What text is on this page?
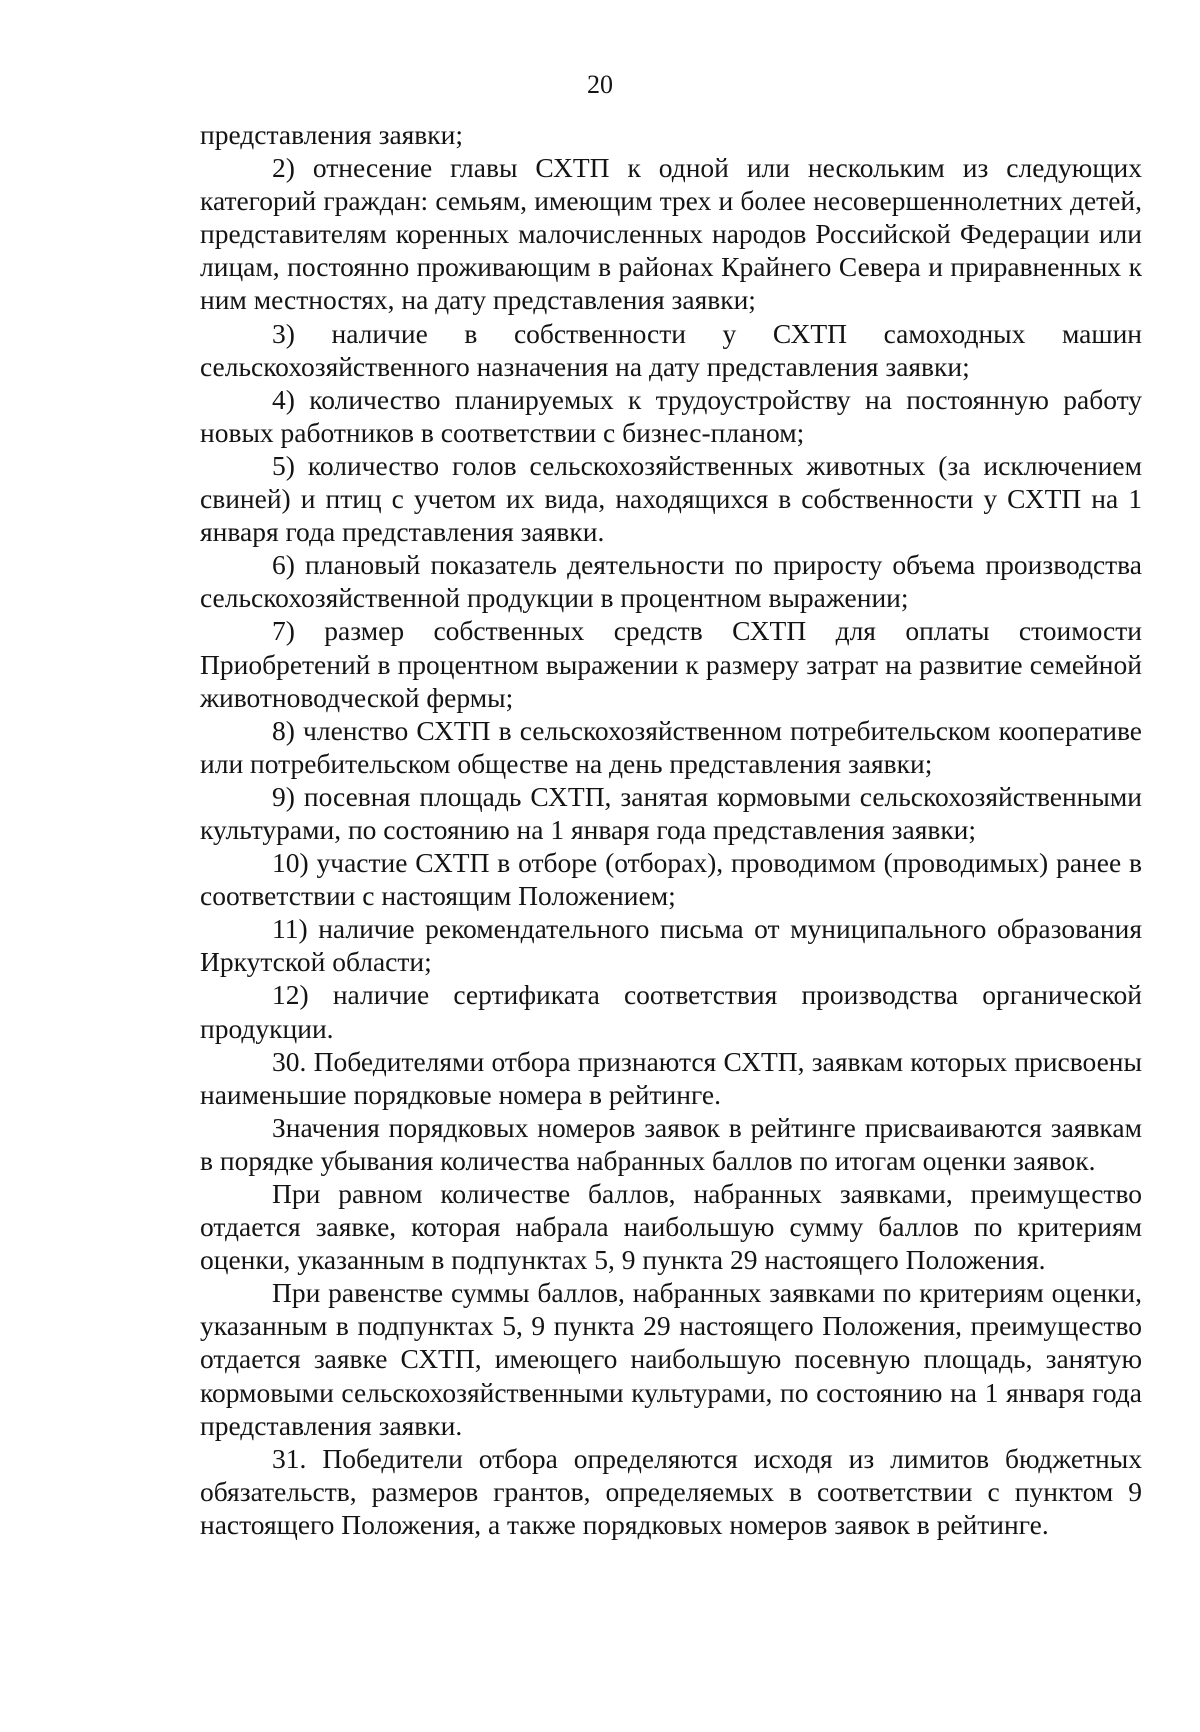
20

представления заявки;

2) отнесение главы СХТП к одной или нескольким из следующих категорий граждан: семьям, имеющим трех и более несовершеннолетних детей, представителям коренных малочисленных народов Российской Федерации или лицам, постоянно проживающим в районах Крайнего Севера и приравненных к ним местностях, на дату представления заявки;

3) наличие в собственности у СХТП самоходных машин сельскохозяйственного назначения на дату представления заявки;

4) количество планируемых к трудоустройству на постоянную работу новых работников в соответствии с бизнес-планом;

5) количество голов сельскохозяйственных животных (за исключением свиней) и птиц с учетом их вида, находящихся в собственности у СХТП на 1 января года представления заявки.

6) плановый показатель деятельности по приросту объема производства сельскохозяйственной продукции в процентном выражении;

7) размер собственных средств СХТП для оплаты стоимости Приобретений в процентном выражении к размеру затрат на развитие семейной животноводческой фермы;

8) членство СХТП в сельскохозяйственном потребительском кооперативе или потребительском обществе на день представления заявки;

9) посевная площадь СХТП, занятая кормовыми сельскохозяйственными культурами, по состоянию на 1 января года представления заявки;

10) участие СХТП в отборе (отборах), проводимом (проводимых) ранее в соответствии с настоящим Положением;

11) наличие рекомендательного письма от муниципального образования Иркутской области;

12) наличие сертификата соответствия производства органической продукции.

30. Победителями отбора признаются СХТП, заявкам которых присвоены наименьшие порядковые номера в рейтинге.

Значения порядковых номеров заявок в рейтинге присваиваются заявкам в порядке убывания количества набранных баллов по итогам оценки заявок.

При равном количестве баллов, набранных заявками, преимущество отдается заявке, которая набрала наибольшую сумму баллов по критериям оценки, указанным в подпунктах 5, 9 пункта 29 настоящего Положения.

При равенстве суммы баллов, набранных заявками по критериям оценки, указанным в подпунктах 5, 9 пункта 29 настоящего Положения, преимущество отдается заявке СХТП, имеющего наибольшую посевную площадь, занятую кормовыми сельскохозяйственными культурами, по состоянию на 1 января года представления заявки.

31. Победители отбора определяются исходя из лимитов бюджетных обязательств, размеров грантов, определяемых в соответствии с пунктом 9 настоящего Положения, а также порядковых номеров заявок в рейтинге.
